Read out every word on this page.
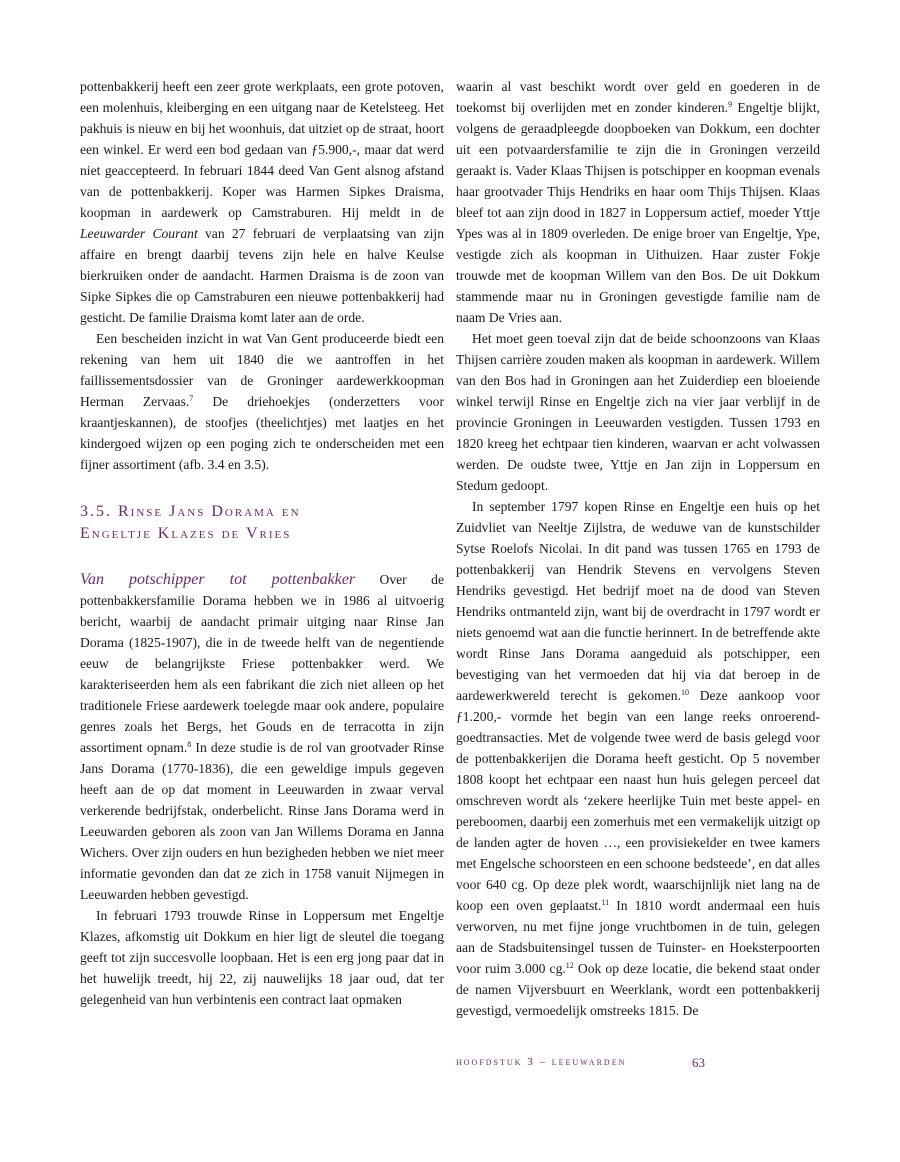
pottenbakkerij heeft een zeer grote werkplaats, een grote potoven, een molenhuis, kleiberging en een uitgang naar de Ketelsteeg. Het pakhuis is nieuw en bij het woonhuis, dat uitziet op de straat, hoort een winkel. Er werd een bod gedaan van ƒ5.900,-, maar dat werd niet geaccepteerd. In februari 1844 deed Van Gent alsnog afstand van de pottenbakkerij. Koper was Harmen Sipkes Draisma, koopman in aardewerk op Camstraburen. Hij meldt in de Leeuwarder Courant van 27 februari de verplaatsing van zijn affaire en brengt daarbij tevens zijn hele en halve Keulse bierkruiken onder de aandacht. Harmen Draisma is de zoon van Sipke Sipkes die op Camstraburen een nieuwe pottenbakkerij had gesticht. De familie Draisma komt later aan de orde.

Een bescheiden inzicht in wat Van Gent produceerde biedt een rekening van hem uit 1840 die we aantroffen in het faillissementsdossier van de Groninger aardewerkkoopman Herman Zervaas.$^7$ De driehoekjes (onderzetters voor kraantjeskannen), de stoofjes (theelichtjes) met laatjes en het kindergoed wijzen op een poging zich te onderscheiden met een fijner assortiment (afb. 3.4 en 3.5).

3.5. Rinse Jans Dorama en
Engeltje Klazes de Vries

Van potschipper tot pottenbakker Over de pottenbakkersfamilie Dorama hebben we in 1986 al uitvoerig bericht, waarbij de aandacht primair uitging naar Rinse Jan Dorama (1825-1907), die in de tweede helft van de negentiende eeuw de belangrijkste Friese pottenbakker werd. We karakteriseerden hem als een fabrikant die zich niet alleen op het traditionele Friese aardewerk toelegde maar ook andere, populaire genres zoals het Bergs, het Gouds en de terracotta in zijn assortiment opnam.$^8$ In deze studie is de rol van grootvader Rinse Jans Dorama (1770-1836), die een geweldige impuls gegeven heeft aan de op dat moment in Leeuwarden in zwaar verval verkerende bedrijfstak, onderbelicht. Rinse Jans Dorama werd in Leeuwarden geboren als zoon van Jan Willems Dorama en Janna Wichers. Over zijn ouders en hun bezigheden hebben we niet meer informatie gevonden dan dat ze zich in 1758 vanuit Nijmegen in Leeuwarden hebben gevestigd.

In februari 1793 trouwde Rinse in Loppersum met Engeltje Klazes, afkomstig uit Dokkum en hier ligt de sleutel die toegang geeft tot zijn succesvolle loopbaan. Het is een erg jong paar dat in het huwelijk treedt, hij 22, zij nauwelijks 18 jaar oud, dat ter gelegenheid van hun verbintenis een contract laat opmaken

waarin al vast beschikt wordt over geld en goederen in de toekomst bij overlijden met en zonder kinderen.$^9$ Engeltje blijkt, volgens de geraadpleegde doopboeken van Dokkum, een dochter uit een potvaardersfamilie te zijn die in Groningen verzeild geraakt is. Vader Klaas Thijsen is potschipper en koopman evenals haar grootvader Thijs Hendriks en haar oom Thijs Thijsen. Klaas bleef tot aan zijn dood in 1827 in Loppersum actief, moeder Yttje Ypes was al in 1809 overleden. De enige broer van Engeltje, Ype, vestigde zich als koopman in Uithuizen. Haar zuster Fokje trouwde met de koopman Willem van den Bos. De uit Dokkum stammende maar nu in Groningen gevestigde familie nam de naam De Vries aan.

Het moet geen toeval zijn dat de beide schoonzoons van Klaas Thijsen carrière zouden maken als koopman in aardewerk. Willem van den Bos had in Groningen aan het Zuiderdiep een bloeiende winkel terwijl Rinse en Engeltje zich na vier jaar verblijf in de provincie Groningen in Leeuwarden vestigden. Tussen 1793 en 1820 kreeg het echtpaar tien kinderen, waarvan er acht volwassen werden. De oudste twee, Yttje en Jan zijn in Loppersum en Stedum gedoopt.

In september 1797 kopen Rinse en Engeltje een huis op het Zuidvliet van Neeltje Zijlstra, de weduwe van de kunstschilder Sytse Roelofs Nicolai. In dit pand was tussen 1765 en 1793 de pottenbakkerij van Hendrik Stevens en vervolgens Steven Hendriks gevestigd. Het bedrijf moet na de dood van Steven Hendriks ontmanteld zijn, want bij de overdracht in 1797 wordt er niets genoemd wat aan die functie herinnert. In de betreffende akte wordt Rinse Jans Dorama aangeduid als potschipper, een bevestiging van het vermoeden dat hij via dat beroep in de aardewerkwereld terecht is gekomen.$^{10}$ Deze aankoop voor ƒ1.200,- vormde het begin van een lange reeks onroerend-goedtransacties. Met de volgende twee werd de basis gelegd voor de pottenbakkerijen die Dorama heeft gesticht. Op 5 november 1808 koopt het echtpaar een naast hun huis gelegen perceel dat omschreven wordt als ‘zekere heerlijke Tuin met beste appel- en pereboomen, daarbij een zomerhuis met een vermakelijk uitzigt op de landen agter de hoven …, een provisiekelder en twee kamers met Engelsche schoorsteen en een schoone bedsteede’, en dat alles voor 640 cg. Op deze plek wordt, waarschijnlijk niet lang na de koop een oven geplaatst.$^{11}$ In 1810 wordt andermaal een huis verworven, nu met fijne jonge vruchtbomen in de tuin, gelegen aan de Stadsbuitensingel tussen de Tuinster- en Hoeksterpoorten voor ruim 3.000 cg.$^{12}$ Ook op deze locatie, die bekend staat onder de namen Vijversbuurt en Weerklank, wordt een pottenbakkerij gevestigd, vermoedelijk omstreeks 1815. De

hoofdstuk 3 – leeuwarden	63
